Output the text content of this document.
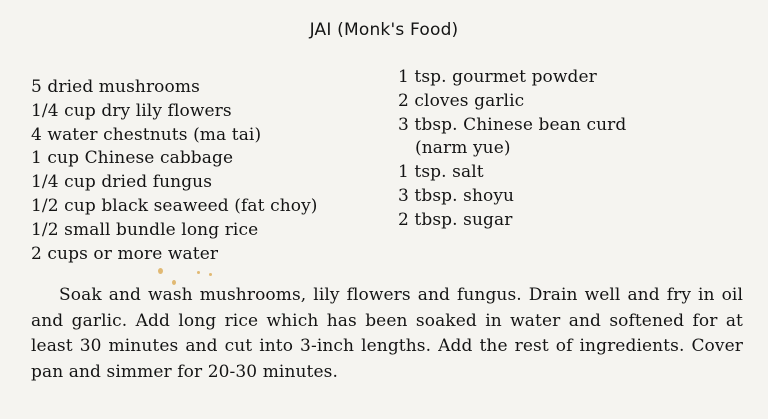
JAI (Monk's Food)
5 dried mushrooms
1/4 cup dry lily flowers
4 water chestnuts (ma tai)
1 cup Chinese cabbage
1/4 cup dried fungus
1/2 cup black seaweed (fat choy)
1/2 small bundle long rice
2 cups or more water
1 tsp. gourmet powder
2 cloves garlic
3 tbsp. Chinese bean curd
(narm yue)
1 tsp. salt
3 tbsp. shoyu
2 tbsp. sugar

Soak and wash mushrooms, lily flowers and fungus. Drain well and fry in oil and garlic. Add long rice which has been soaked in water and softened for at least 30 minutes and cut into 3-inch lengths. Add the rest of ingredients. Cover pan and simmer for 20-30 minutes.
